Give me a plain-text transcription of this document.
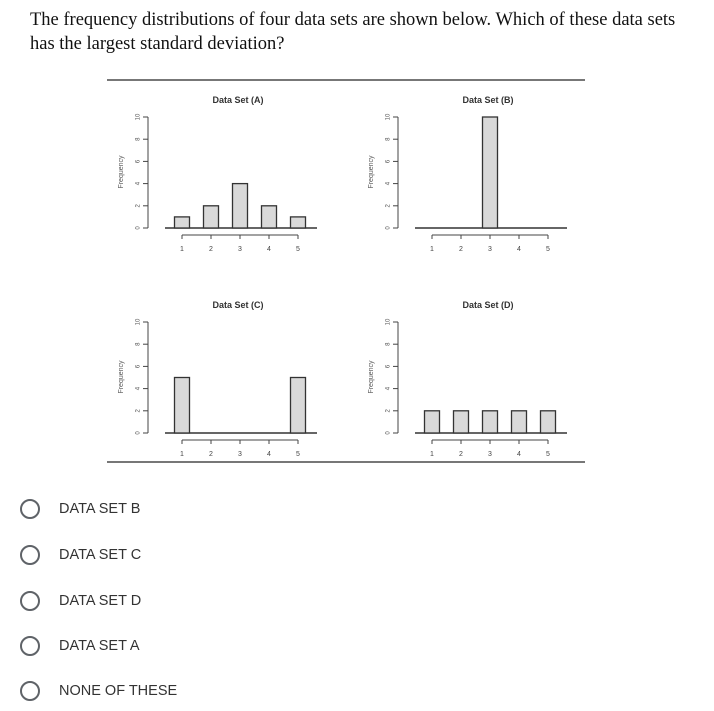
The frequency distributions of four data sets are shown below. Which of these data sets has the largest standard deviation?
Data Set (A)
Frequency
0
2
4
6
8
10
1	2	3	4	5
Data Set (B)
Frequency
0
2
4
6
8
10
1	2	3	4	5
Data Set (C)
Frequency
0
2
4
6
8
10
1	2	3	4	5
Data Set (D)
Frequency
0
2
4
6
8
10
1	2	3	4	5
DATA SET B
DATA SET C
DATA SET D
DATA SET A
NONE OF THESE
